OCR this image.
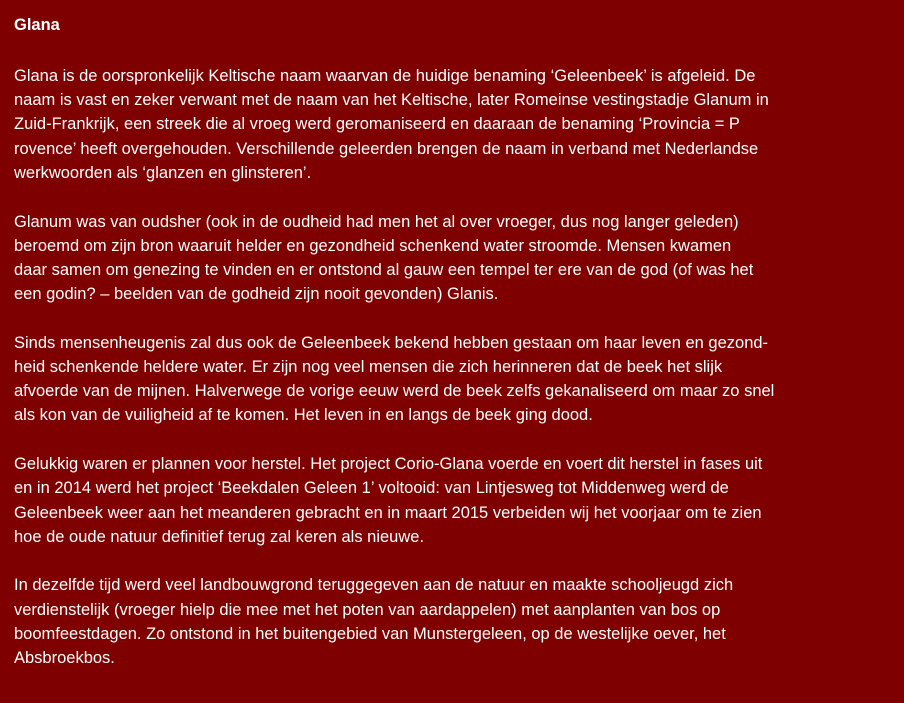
Glana
Glana is de oorspronkelijk Keltische naam waarvan de huidige benaming ‘Geleenbeek’ is afgeleid. De
naam is vast en zeker verwant met de naam van het Keltische, later Romeinse vestingstadje Glanum in
Zuid-Frankrijk, een streek die al vroeg werd geromaniseerd en daaraan de benaming ‘Provincia = P
rovence’ heeft overgehouden. Verschillende geleerden brengen de naam in verband met Nederlandse
werkwoorden als ‘glanzen en glinsteren’.
Glanum was van oudsher (ook in de oudheid had men het al over vroeger, dus nog langer geleden)
beroemd om zijn bron waaruit helder en gezondheid schenkend water stroomde. Mensen kwamen
daar samen om genezing te vinden en er ontstond al gauw een tempel ter ere van de god (of was het
een godin? – beelden van de godheid zijn nooit gevonden) Glanis.
Sinds mensenheugenis zal dus ook de Geleenbeek bekend hebben gestaan om haar leven en gezond-
heid schenkende heldere water. Er zijn nog veel mensen die zich herinneren dat de beek het slijk
afvoerde van de mijnen. Halverwege de vorige eeuw werd de beek zelfs gekanaliseerd om maar zo snel
als kon van de vuiligheid af te komen. Het leven in en langs de beek ging dood.
Gelukkig waren er plannen voor herstel. Het project Corio-Glana voerde en voert dit herstel in fases uit
en in 2014 werd het project ‘Beekdalen Geleen 1’ voltooid: van Lintjesweg tot Middenweg werd de
Geleenbeek weer aan het meanderen gebracht en in maart 2015 verbeiden wij het voorjaar om te zien
hoe de oude natuur definitief terug zal keren als nieuwe.
In dezelfde tijd werd veel landbouwgrond teruggegeven aan de natuur en maakte schooljeugd zich
verdienstelijk (vroeger hielp die mee met het poten van aardappelen) met aanplanten van bos op
boomfeestdagen. Zo ontstond in het buitengebied van Munstergeleen, op de westelijke oever, het
Absbroekbos.
